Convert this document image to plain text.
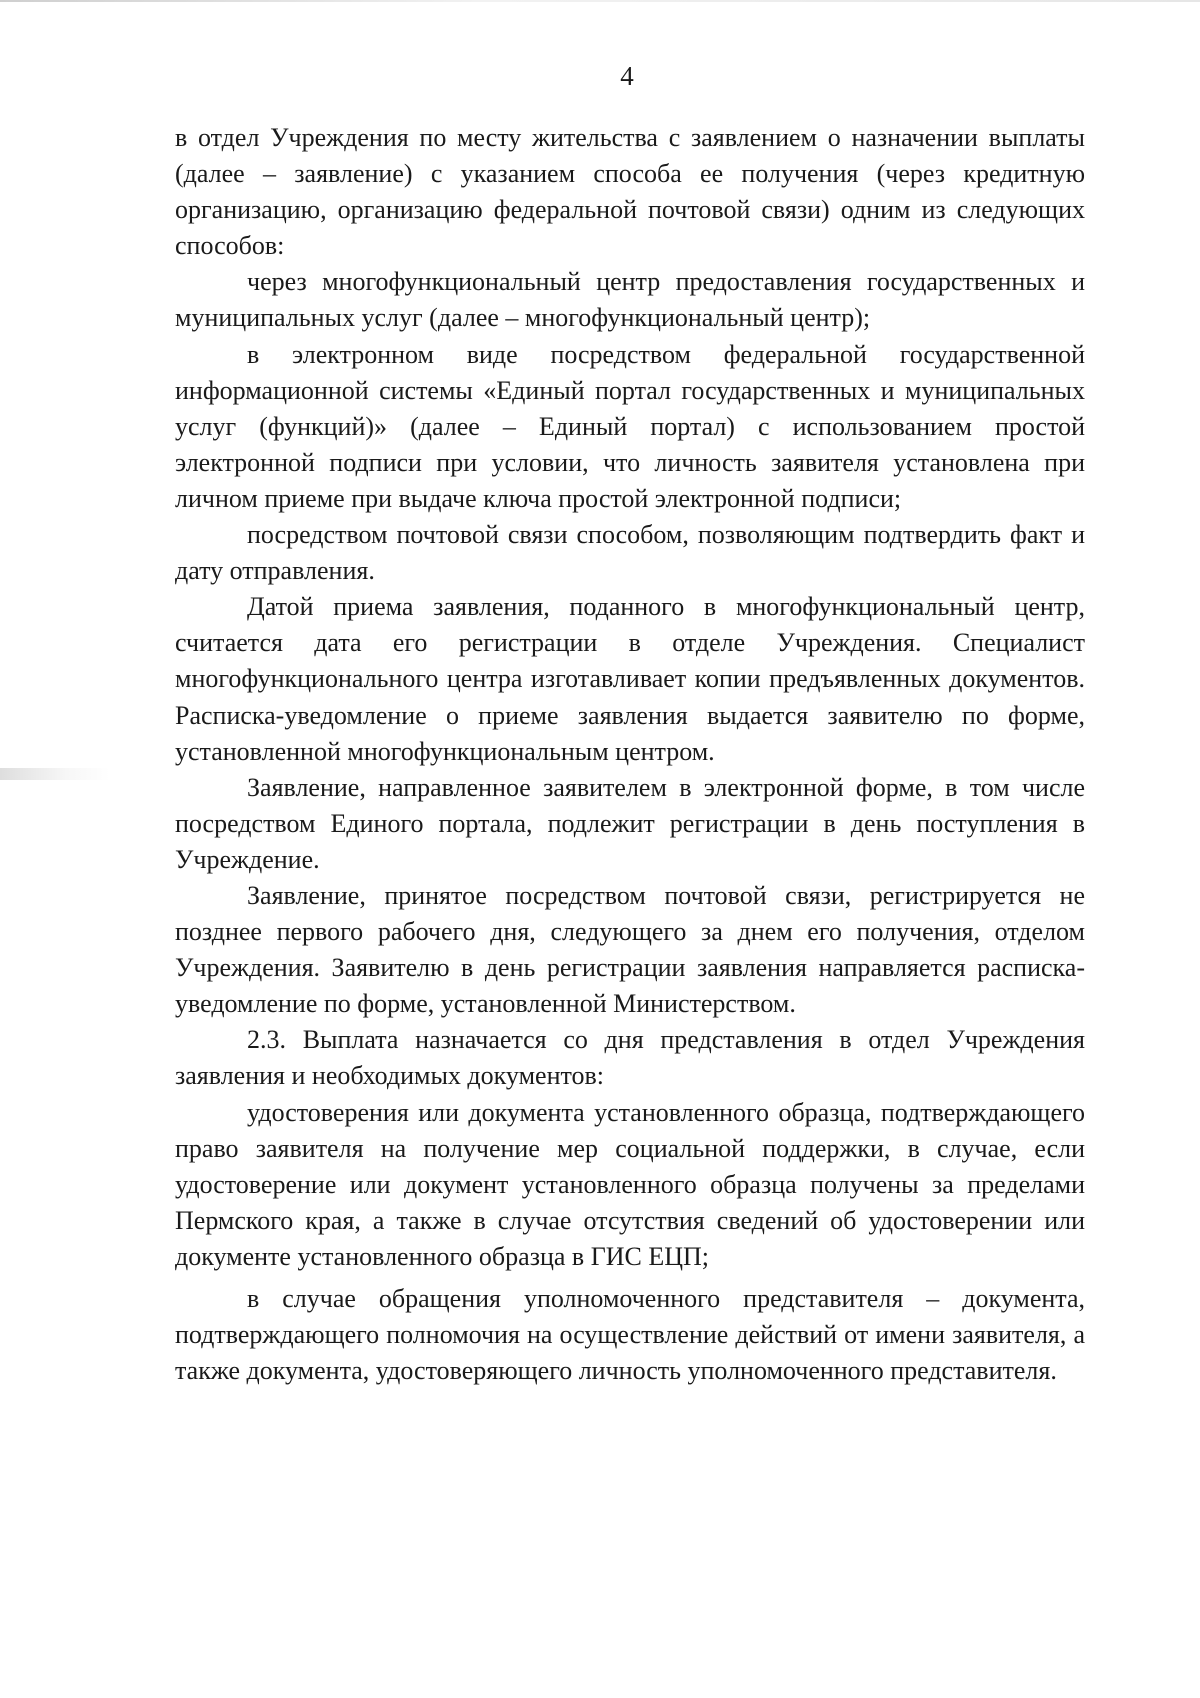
4

в отдел Учреждения по месту жительства с заявлением о назначении выплаты (далее – заявление) с указанием способа ее получения (через кредитную организацию, организацию федеральной почтовой связи) одним из следующих способов:

через многофункциональный центр предоставления государственных и муниципальных услуг (далее – многофункциональный центр);

в электронном виде посредством федеральной государственной информационной системы «Единый портал государственных и муниципальных услуг (функций)» (далее – Единый портал) с использованием простой электронной подписи при условии, что личность заявителя установлена при личном приеме при выдаче ключа простой электронной подписи;

посредством почтовой связи способом, позволяющим подтвердить факт и дату отправления.

Датой приема заявления, поданного в многофункциональный центр, считается дата его регистрации в отделе Учреждения. Специалист многофункционального центра изготавливает копии предъявленных документов. Расписка-уведомление о приеме заявления выдается заявителю по форме, установленной многофункциональным центром.

Заявление, направленное заявителем в электронной форме, в том числе посредством Единого портала, подлежит регистрации в день поступления в Учреждение.

Заявление, принятое посредством почтовой связи, регистрируется не позднее первого рабочего дня, следующего за днем его получения, отделом Учреждения. Заявителю в день регистрации заявления направляется расписка-уведомление по форме, установленной Министерством.

2.3. Выплата назначается со дня представления в отдел Учреждения заявления и необходимых документов:

удостоверения или документа установленного образца, подтверждающего право заявителя на получение мер социальной поддержки, в случае, если удостоверение или документ установленного образца получены за пределами Пермского края, а также в случае отсутствия сведений об удостоверении или документе установленного образца в ГИС ЕЦП;

в случае обращения уполномоченного представителя – документа, подтверждающего полномочия на осуществление действий от имени заявителя, а также документа, удостоверяющего личность уполномоченного представителя.
